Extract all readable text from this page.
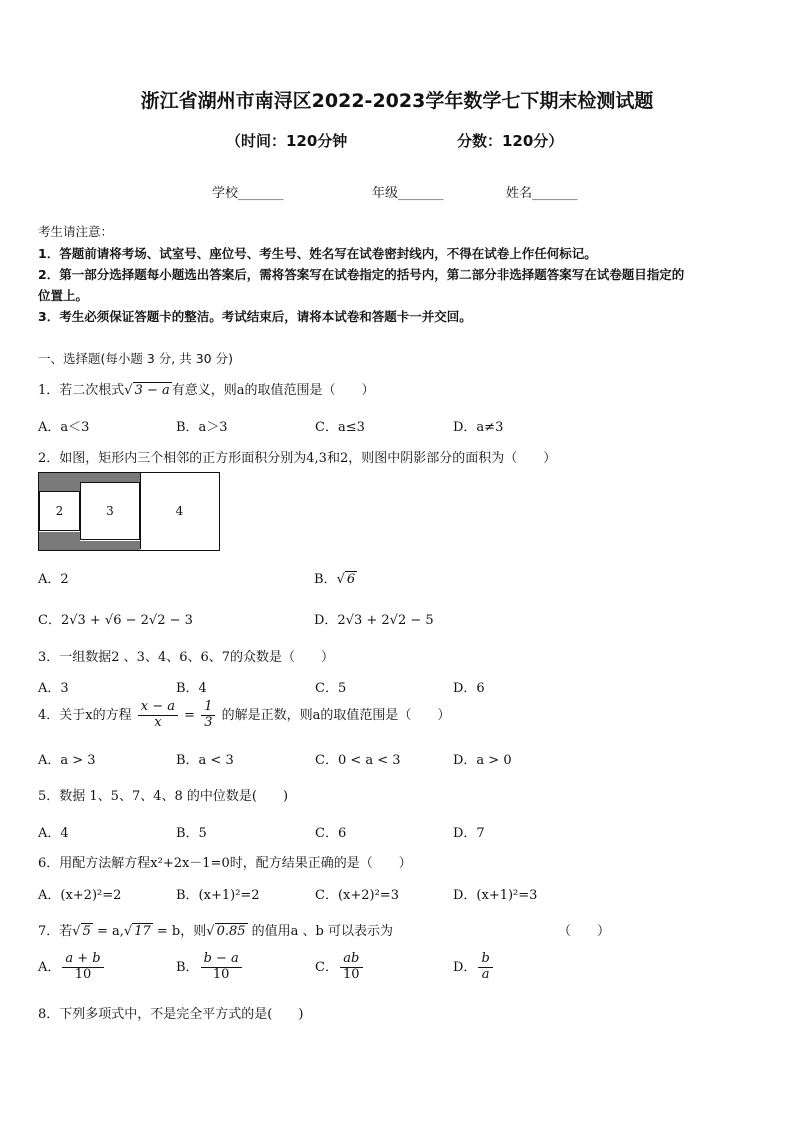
浙江省湖州市南浔区2022-2023学年数学七下期末检测试题
（时间：120分钟	分数：120分）
学校_______	年级_______	姓名_______
考生请注意：
1．答题前请将考场、试室号、座位号、考生号、姓名写在试卷密封线内，不得在试卷上作任何标记。
2．第一部分选择题每小题选出答案后，需将答案写在试卷指定的括号内，第二部分非选择题答案写在试卷题目指定的
位置上。
3．考生必须保证答题卡的整洁。考试结束后，请将本试卷和答题卡一并交回。
一、选择题(每小题 3 分, 共 30 分)
1．若二次根式√ 3 − a 有意义，则a的取值范围是（　　）
A．a＜3	B．a＞3	C．a≤3	D．a≠3
2．如图，矩形内三个相邻的正方形面积分别为4,3和2，则图中阴影部分的面积为（　　）
2	3	4
A．2	B．√ 6
C．2√3 + √6 − 2√2 − 3	D．2√3 + 2√2 − 5
3．一组数据2 、3、4、6、6、7的众数是（　　）
A．3	B．4	C．5	D．6
4．关于x的方程 $\frac{x - a}{x} = \frac{1}{3}$ 的解是正数，则a的取值范围是（　　）
A．a > 3	B．a < 3	C．0 < a < 3	D．a > 0
5．数据 1、5、7、4、8 的中位数是(　　)
A．4	B．5	C．6	D．7
6．用配方法解方程x²+2x－1=0时，配方结果正确的是（　　）
A．(x+2)²=2	B．(x+1)²=2	C．(x+2)²=3	D．(x+1)²=3
7．若√ 5 = a,√ 17 = b，则√ 0.85 的值用a 、b 可以表示为	（　　）
A． $\frac{a + b}{10}$	B． $\frac{b - a}{10}$	C． $\frac{ab}{10}$	D． $\frac{b}{a}$
8．下列多项式中，不是完全平方式的是(　　)
